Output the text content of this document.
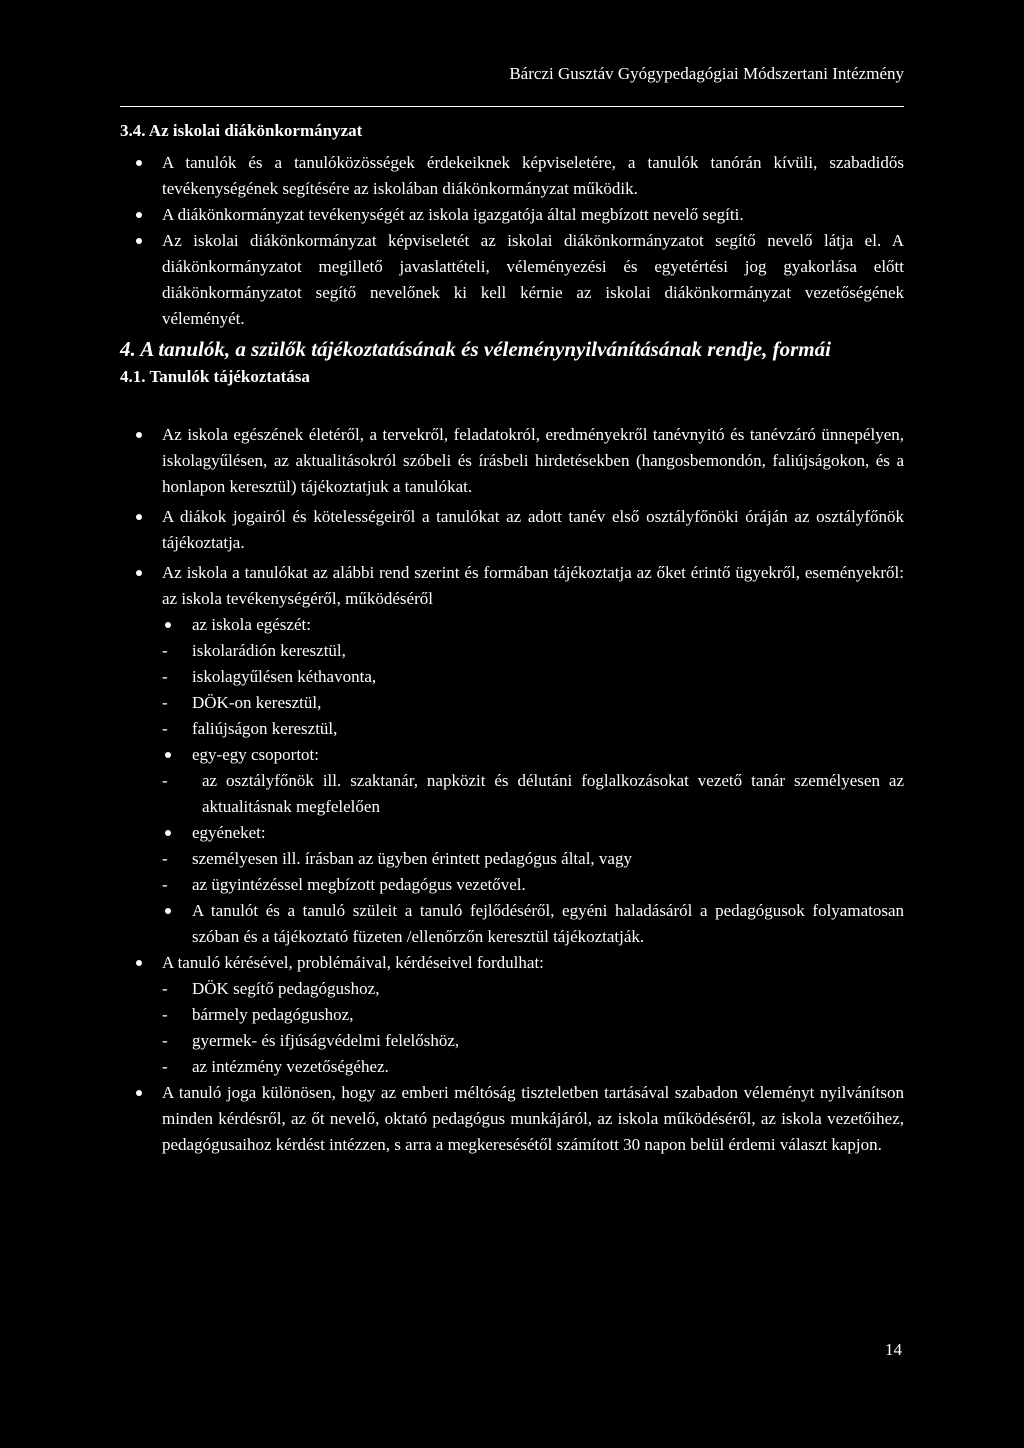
Bárczi Gusztáv Gyógypedagógiai Módszertani Intézmény
3.4. Az iskolai diákönkormányzat
A tanulók és a tanulóközösségek érdekeiknek képviseletére, a tanulók tanórán kívüli, szabadidős tevékenységének segítésére az iskolában diákönkormányzat működik.
A diákönkormányzat tevékenységét az iskola igazgatója által megbízott nevelő segíti.
Az iskolai diákönkormányzat képviseletét az iskolai diákönkormányzatot segítő nevelő látja el. A diákönkormányzatot megillető javaslattételi, véleményezési és egyetértési jog gyakorlása előtt diákönkormányzatot segítő nevelőnek ki kell kérnie az iskolai diákönkormányzat vezetőségének véleményét.
4. A tanulók, a szülők tájékoztatásának és véleménynyilvánításának rendje, formái
4.1. Tanulók tájékoztatása
Az iskola egészének életéről, a tervekről, feladatokról, eredményekről tanévnyitó és tanévzáró ünnepélyen, iskolagyűlésen, az aktualitásokról szóbeli és írásbeli hirdetésekben (hangosbemondón, faliújságokon, és a honlapon keresztül) tájékoztatjuk a tanulókat.
A diákok jogairól és kötelességeiről a tanulókat az adott tanév első osztályfőnöki óráján az osztályfőnök tájékoztatja.
Az iskola a tanulókat az alábbi rend szerint és formában tájékoztatja az őket érintő ügyekről, eseményekről: az iskola tevékenységéről, működéséről
az iskola egészét:
- iskolarádión keresztül,
- iskolagyűlésen kéthavonta,
- DÖK-on keresztül,
- faliújságon keresztül,
egy-egy csoportot:
- az osztályfőnök ill. szaktanár, napközit és délutáni foglalkozásokat vezető tanár személyesen az aktualitásnak megfelelően
egyéneket:
- személyesen ill. írásban az ügyben érintett pedagógus által, vagy
- az ügyintézéssel megbízott pedagógus vezetővel.
A tanulót és a tanuló szüleit a tanuló fejlődéséről, egyéni haladásáról a pedagógusok folyamatosan szóban és a tájékoztató füzeten /ellenőrzőn keresztül tájékoztatják.
A tanuló kérésével, problémáival, kérdéseivel fordulhat:
- DÖK segítő pedagógushoz,
- bármely pedagógushoz,
- gyermek- és ifjúságvédelmi felelőshöz,
- az intézmény vezetőségéhez.
A tanuló joga különösen, hogy az emberi méltóság tiszteletben tartásával szabadon véleményt nyilvánítson minden kérdésről, az őt nevelő, oktató pedagógus munkájáról, az iskola működéséről, az iskola vezetőihez, pedagógusaihoz kérdést intézzen, s arra a megkeresésétől számított 30 napon belül érdemi választ kapjon.
14
